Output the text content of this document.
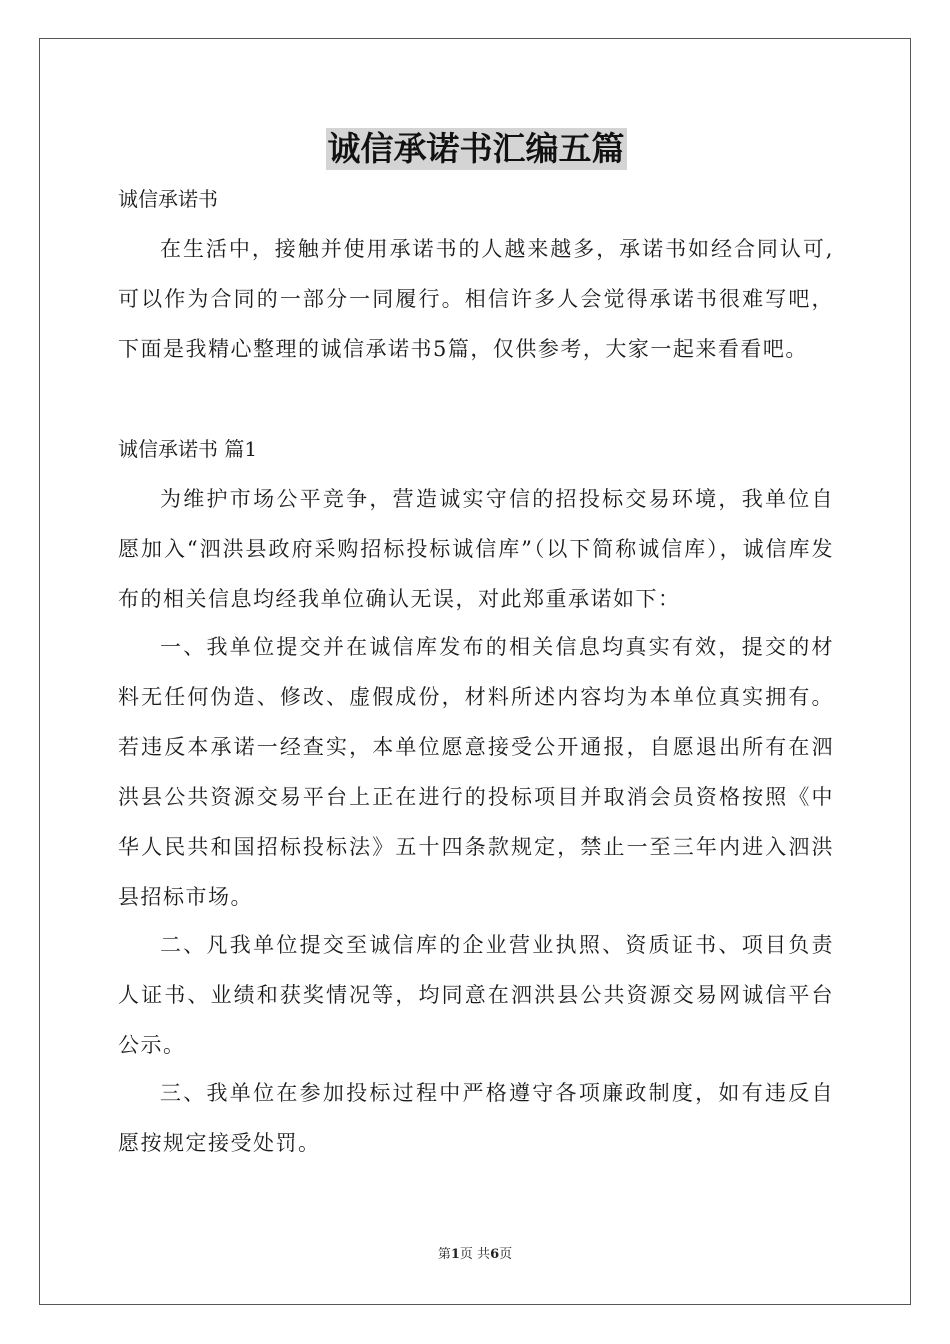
诚信承诺书汇编五篇
诚信承诺书
在生活中，接触并使用承诺书的人越来越多，承诺书如经合同认可,可以作为合同的一部分一同履行。相信许多人会觉得承诺书很难写吧，下面是我精心整理的诚信承诺书5篇，仅供参考，大家一起来看看吧。
诚信承诺书 篇1
为维护市场公平竞争，营造诚实守信的招投标交易环境，我单位自愿加入“泗洪县政府采购招标投标诚信库”（以下简称诚信库），诚信库发布的相关信息均经我单位确认无误，对此郑重承诺如下：
一、我单位提交并在诚信库发布的相关信息均真实有效，提交的材料无任何伪造、修改、虚假成份，材料所述内容均为本单位真实拥有。若违反本承诺一经查实，本单位愿意接受公开通报，自愿退出所有在泗洪县公共资源交易平台上正在进行的投标项目并取消会员资格按照《中华人民共和国招标投标法》五十四条款规定，禁止一至三年内进入泗洪县招标市场。
二、凡我单位提交至诚信库的企业营业执照、资质证书、项目负责人证书、业绩和获奖情况等，均同意在泗洪县公共资源交易网诚信平台公示。
三、我单位在参加投标过程中严格遵守各项廉政制度，如有违反自愿按规定接受处罚。
第1页 共6页
